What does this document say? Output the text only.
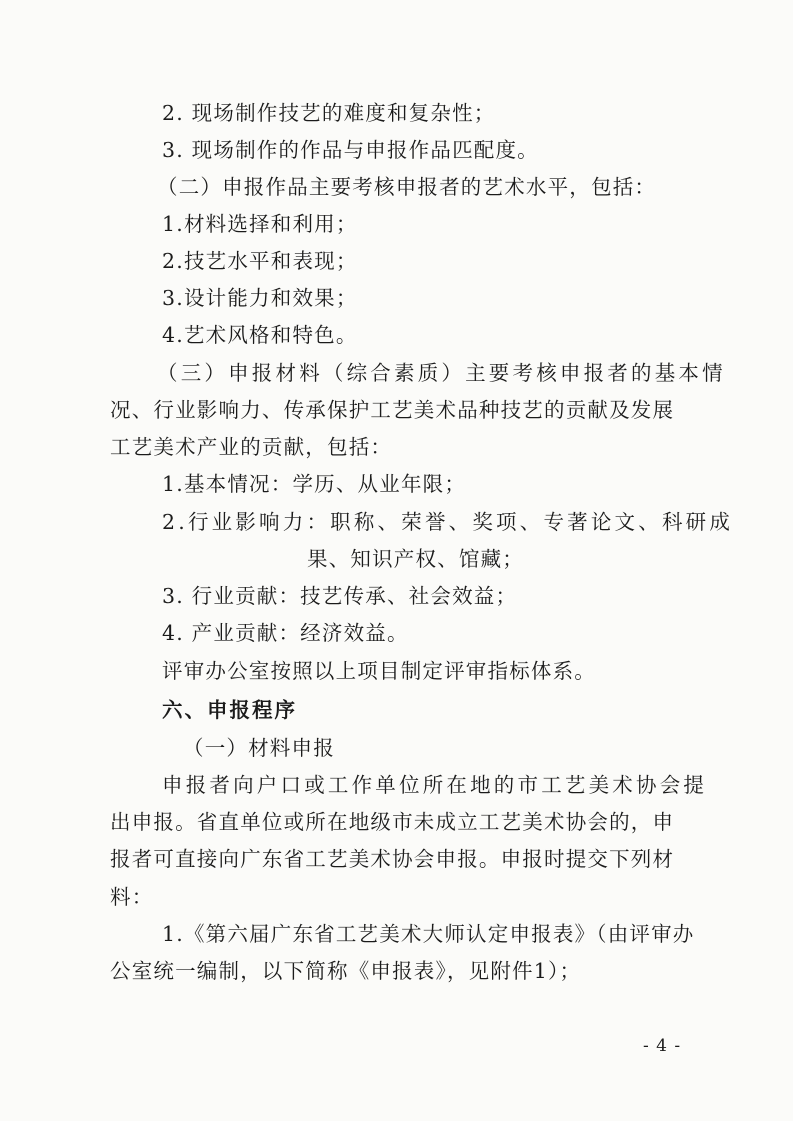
2. 现场制作技艺的难度和复杂性；
3. 现场制作的作品与申报作品匹配度。
（二）申报作品主要考核申报者的艺术水平，包括：
1.材料选择和利用；
2.技艺水平和表现；
3.设计能力和效果；
4.艺术风格和特色。
（三）申报材料（综合素质）主要考核申报者的基本情
况、行业影响力、传承保护工艺美术品种技艺的贡献及发展
工艺美术产业的贡献，包括：
1.基本情况：学历、从业年限；
2.行业影响力：职称、荣誉、奖项、专著论文、科研成
果、知识产权、馆藏；
3. 行业贡献：技艺传承、社会效益；
4. 产业贡献：经济效益。
评审办公室按照以上项目制定评审指标体系。
六、申报程序
（一）材料申报
申报者向户口或工作单位所在地的市工艺美术协会提
出申报。省直单位或所在地级市未成立工艺美术协会的，申
报者可直接向广东省工艺美术协会申报。申报时提交下列材
料：
1.《第六届广东省工艺美术大师认定申报表》（由评审办
公室统一编制，以下简称《申报表》，见附件1）；
- 4 -
